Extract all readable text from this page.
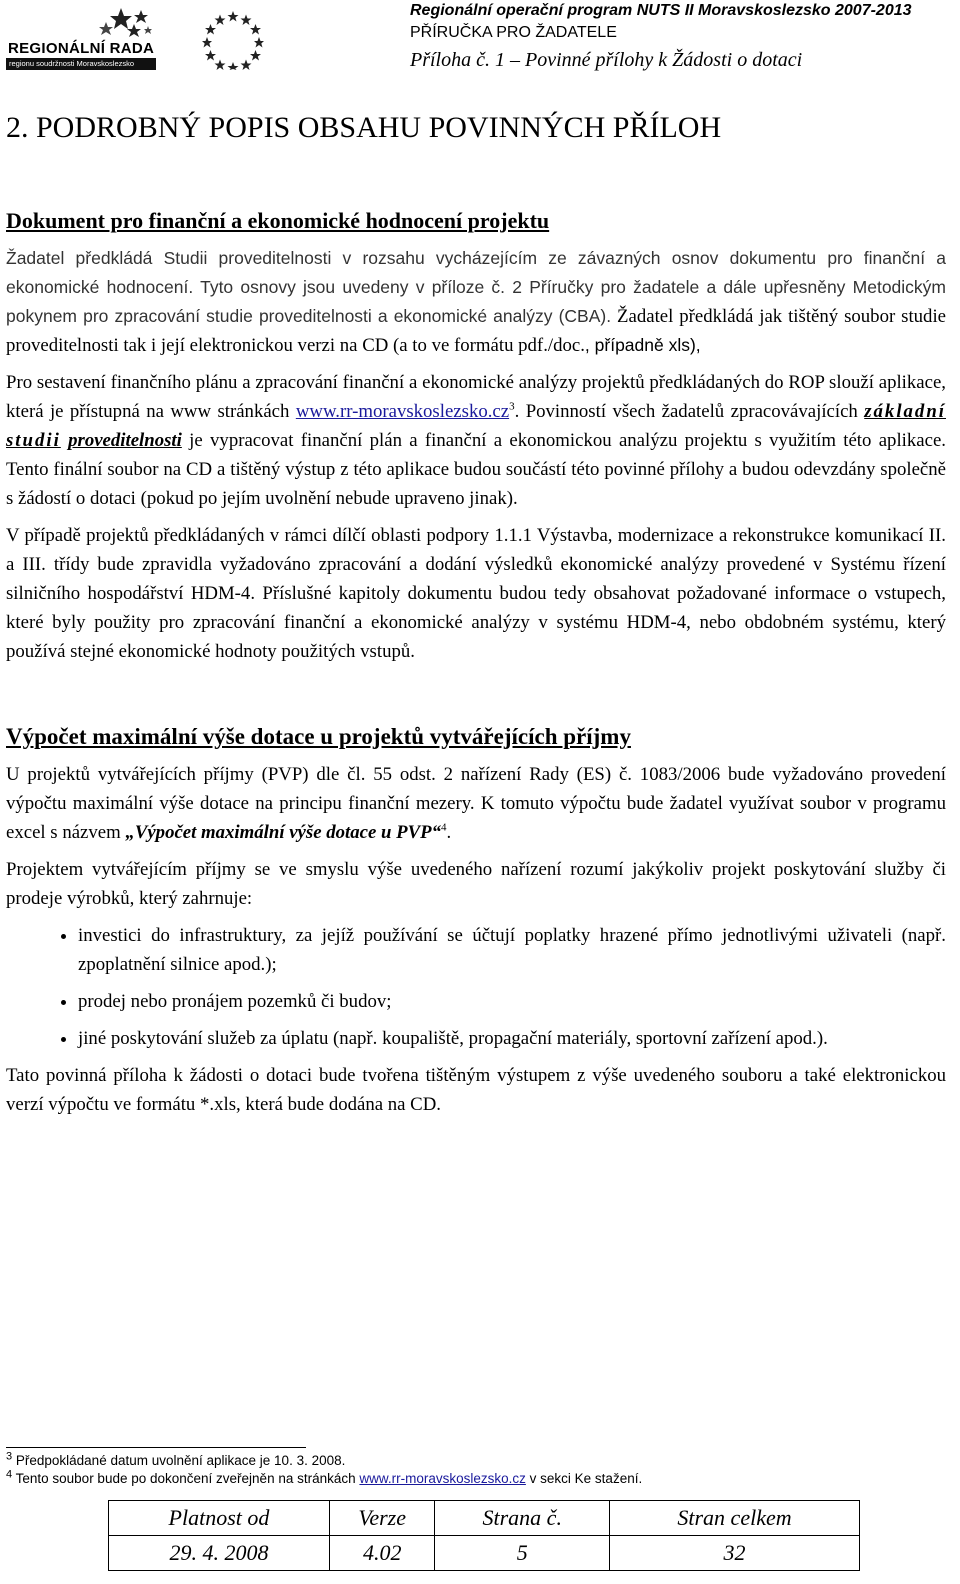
REGIONÁLNÍ RADA
regionu soudržnosti Moravskoslezsko
Regionální operační program NUTS II Moravskoslezsko 2007-2013
PŘÍRUČKA PRO ŽADATELE
Příloha č. 1 – Povinné přílohy k Žádosti o dotaci
2. PODROBNÝ POPIS OBSAHU POVINNÝCH PŘÍLOH
Dokument pro finanční a ekonomické hodnocení projektu

Žadatel předkládá Studii proveditelnosti v rozsahu vycházejícím ze závazných osnov dokumentu pro finanční a ekonomické hodnocení. Tyto osnovy jsou uvedeny v příloze č. 2 Příručky pro žadatele a dále upřesněny Metodickým pokynem pro zpracování studie proveditelnosti a ekonomické analýzy (CBA). Žadatel předkládá jak tištěný soubor studie proveditelnosti tak i její elektronickou verzi na CD (a to ve formátu pdf./doc., případně xls),

Pro sestavení finančního plánu a zpracování finanční a ekonomické analýzy projektů předkládaných do ROP slouží aplikace, která je přístupná na www stránkách $www.rr-moravskoslezsko.cz^3$. Povinností všech žadatelů zpracovávajících základní studii proveditelnosti je vypracovat finanční plán a finanční a ekonomickou analýzu projektu s využitím této aplikace. Tento finální soubor na CD a tištěný výstup z této aplikace budou součástí této povinné přílohy a budou odevzdány společně s žádostí o dotaci (pokud po jejím uvolnění nebude upraveno jinak).

V případě projektů předkládaných v rámci dílčí oblasti podpory 1.1.1 Výstavba, modernizace a rekonstrukce komunikací II. a III. třídy bude zpravidla vyžadováno zpracování a dodání výsledků ekonomické analýzy provedené v Systému řízení silničního hospodářství HDM-4. Příslušné kapitoly dokumentu budou tedy obsahovat požadované informace o vstupech, které byly použity pro zpracování finanční a ekonomické analýzy v systému HDM-4, nebo obdobném systému, který používá stejné ekonomické hodnoty použitých vstupů.

Výpočet maximální výše dotace u projektů vytvářejících příjmy

U projektů vytvářejících příjmy (PVP) dle čl. 55 odst. 2 nařízení Rady (ES) č. 1083/2006 bude vyžadováno provedení výpočtu maximální výše dotace na principu finanční mezery. K tomuto výpočtu bude žadatel využívat soubor v programu excel s názvem „Výpočet maximální výše dotace u PVP“$^4$.

Projektem vytvářejícím příjmy se ve smyslu výše uvedeného nařízení rozumí jakýkoliv projekt poskytování služby či prodeje výrobků, který zahrnuje:

• investici do infrastruktury, za jejíž používání se účtují poplatky hrazené přímo jednotlivými uživateli (např. zpoplatnění silnice apod.);
• prodej nebo pronájem pozemků či budov;
• jiné poskytování služeb za úplatu (např. koupaliště, propagační materiály, sportovní zařízení apod.).

Tato povinná příloha k žádosti o dotaci bude tvořena tištěným výstupem z výše uvedeného souboru a také elektronickou verzí výpočtu ve formátu *.xls, která bude dodána na CD.

$^3$ Předpokládané datum uvolnění aplikace je 10. 3. 2008.
$^4$ Tento soubor bude po dokončení zveřejněn na stránkách www.rr-moravskoslezsko.cz v sekci Ke stažení.
Platnost od	Verze	Strana č.	Stran celkem
29. 4. 2008	4.02	5	32
